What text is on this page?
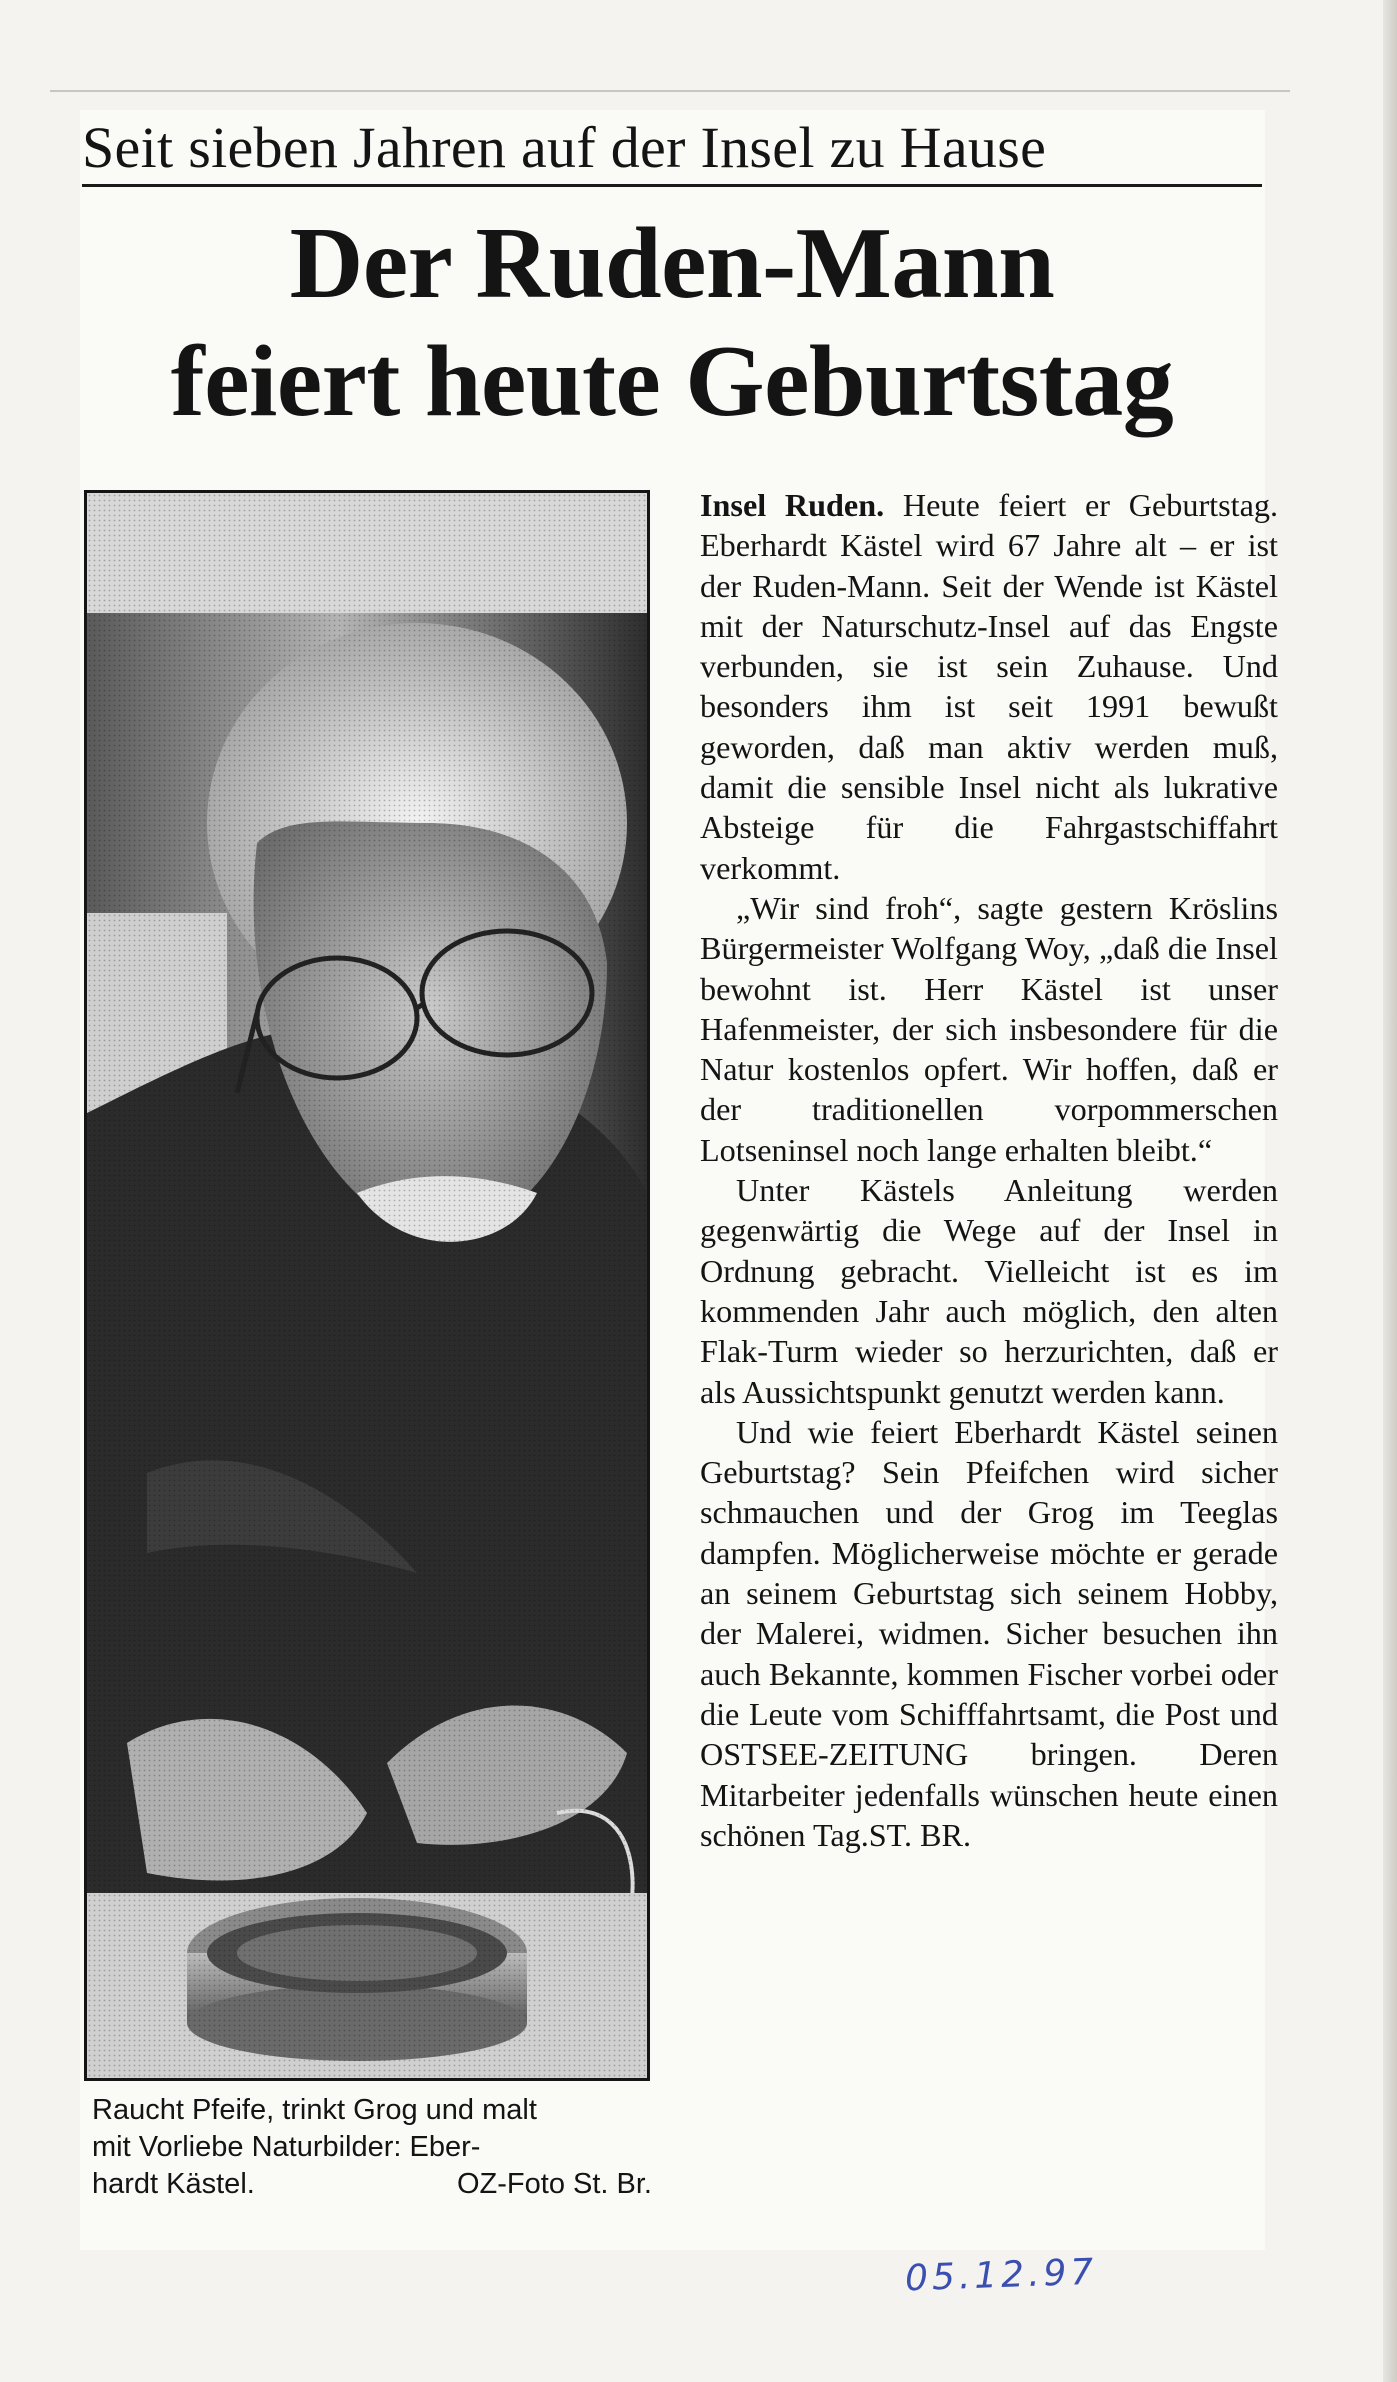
Seit sieben Jahren auf der Insel zu Hause
Der Ruden-Mann
feiert heute Geburtstag
Raucht Pfeife, trinkt Grog und malt
mit Vorliebe Naturbilder: Eber-
hardt Kästel.	OZ-Foto St. Br.

Insel Ruden. Heute feiert er Geburtstag. Eberhardt Kästel wird 67 Jahre alt – er ist der Ruden-Mann. Seit der Wende ist Kästel mit der Naturschutz-Insel auf das Engste verbunden, sie ist sein Zuhause. Und besonders ihm ist seit 1991 bewußt geworden, daß man aktiv werden muß, damit die sensible Insel nicht als lukrative Absteige für die Fahrgastschiffahrt verkommt.

„Wir sind froh“, sagte gestern Kröslins Bürgermeister Wolfgang Woy, „daß die Insel bewohnt ist. Herr Kästel ist unser Hafenmeister, der sich insbesondere für die Natur kostenlos opfert. Wir hoffen, daß er der traditionellen vorpommerschen Lotseninsel noch lange erhalten bleibt.“

Unter Kästels Anleitung werden gegenwärtig die Wege auf der Insel in Ordnung gebracht. Vielleicht ist es im kommenden Jahr auch möglich, den alten Flak-Turm wieder so herzurichten, daß er als Aussichtspunkt genutzt werden kann.

Und wie feiert Eberhardt Kästel seinen Geburtstag? Sein Pfeifchen wird sicher schmauchen und der Grog im Teeglas dampfen. Möglicherweise möchte er gerade an seinem Geburtstag sich seinem Hobby, der Malerei, widmen. Sicher besuchen ihn auch Bekannte, kommen Fischer vorbei oder die Leute vom Schifffahrtsamt, die Post und OSTSEE-ZEITUNG bringen. Deren Mitarbeiter jedenfalls wünschen heute einen schönen Tag.ST. BR.

05.12.97
